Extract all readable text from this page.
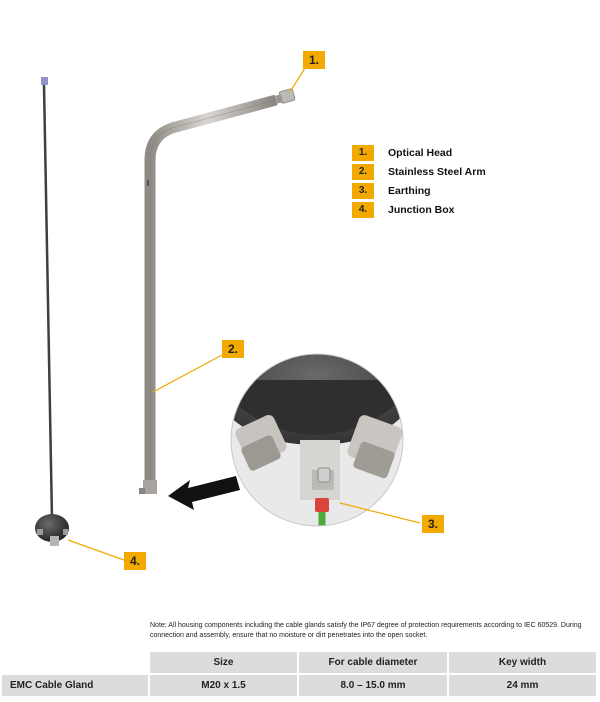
1.
2.
3.
4.
1.	Optical Head
2.	Stainless Steel Arm
3.	Earthing
4.	Junction Box
Note: All housing components including the cable glands satisfy the IP67 degree of protection requirements according to IEC 60529. During connection and assembly, ensure that no moisture or dirt penetrates into the open socket.
	Size	For cable diameter	Key width
EMC Cable Gland	M20 x 1.5	8.0 – 15.0 mm	24 mm
